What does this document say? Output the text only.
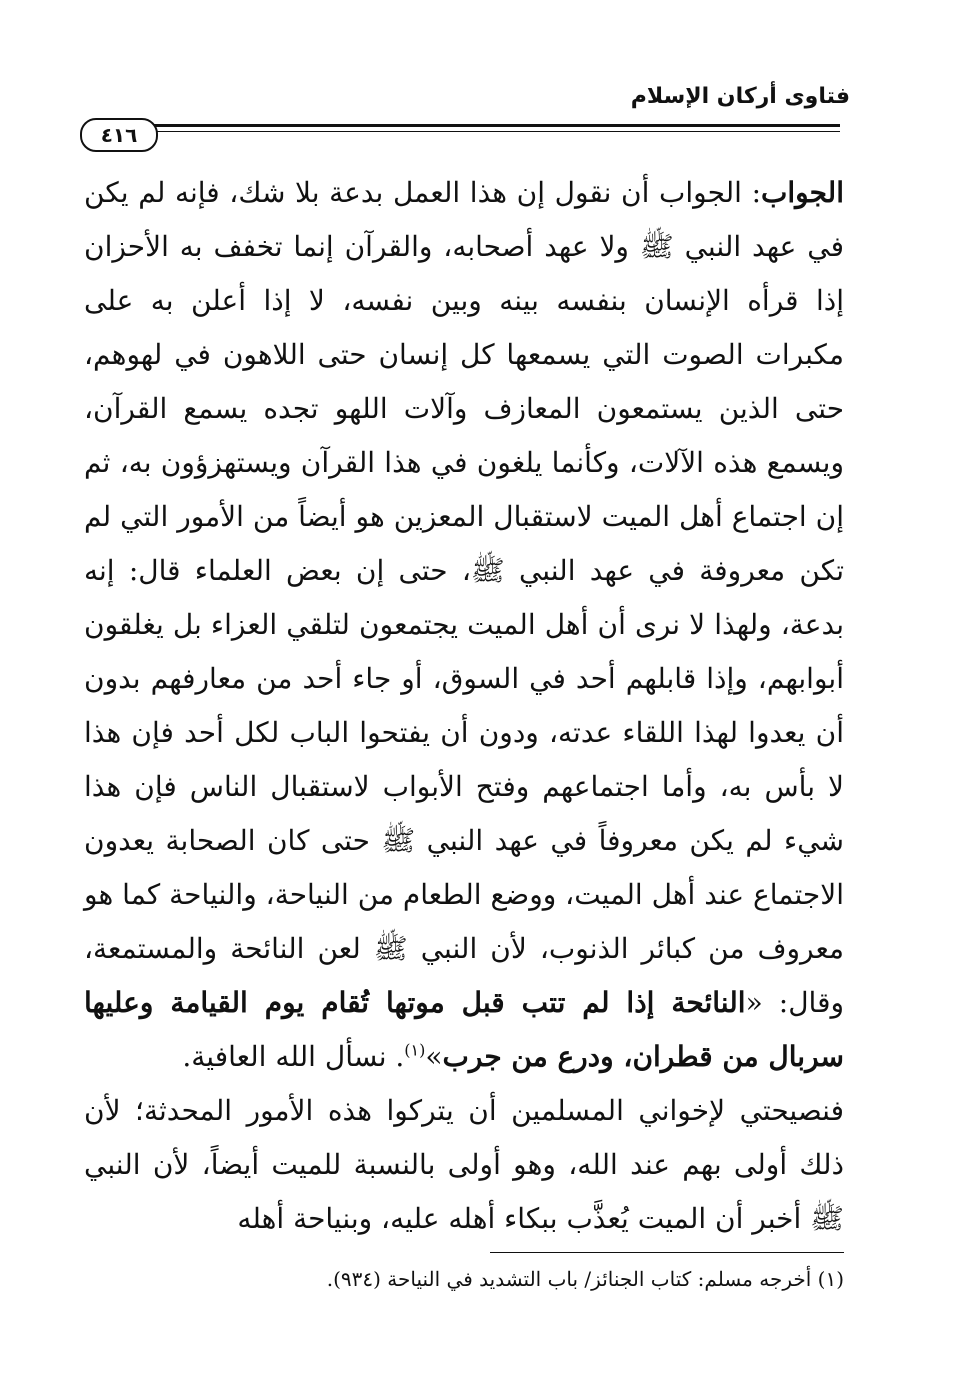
فتاوى أركان الإسلام
٤١٦

الجواب: الجواب أن نقول إن هذا العمل بدعة بلا شك، فإنه لم يكن في عهد النبي ﷺ ولا عهد أصحابه، والقرآن إنما تخفف به الأحزان إذا قرأه الإنسان بنفسه بينه وبين نفسه، لا إذا أعلن به على مكبرات الصوت التي يسمعها كل إنسان حتى اللاهون في لهوهم، حتى الذين يستمعون المعازف وآلات اللهو تجده يسمع القرآن، ويسمع هذه الآلات، وكأنما يلغون في هذا القرآن ويستهزؤون به، ثم إن اجتماع أهل الميت لاستقبال المعزين هو أيضاً من الأمور التي لم تكن معروفة في عهد النبي ﷺ، حتى إن بعض العلماء قال: إنه بدعة، ولهذا لا نرى أن أهل الميت يجتمعون لتلقي العزاء بل يغلقون أبوابهم، وإذا قابلهم أحد في السوق، أو جاء أحد من معارفهم بدون أن يعدوا لهذا اللقاء عدته، ودون أن يفتحوا الباب لكل أحد فإن هذا لا بأس به، وأما اجتماعهم وفتح الأبواب لاستقبال الناس فإن هذا شيء لم يكن معروفاً في عهد النبي ﷺ حتى كان الصحابة يعدون الاجتماع عند أهل الميت، ووضع الطعام من النياحة، والنياحة كما هو معروف من كبائر الذنوب، لأن النبي ﷺ لعن النائحة والمستمعة، وقال: «النائحة إذا لم تتب قبل موتها تُقام يوم القيامة وعليها سربال من قطران، ودرع من جرب»$^{(١)}$. نسأل الله العافية.

فنصيحتي لإخواني المسلمين أن يتركوا هذه الأمور المحدثة؛ لأن ذلك أولى بهم عند الله، وهو أولى بالنسبة للميت أيضاً، لأن النبي ﷺ أخبر أن الميت يُعذَّب ببكاء أهله عليه، وبنياحة أهله

(١) أخرجه مسلم: كتاب الجنائز/ باب التشديد في النياحة (٩٣٤).
